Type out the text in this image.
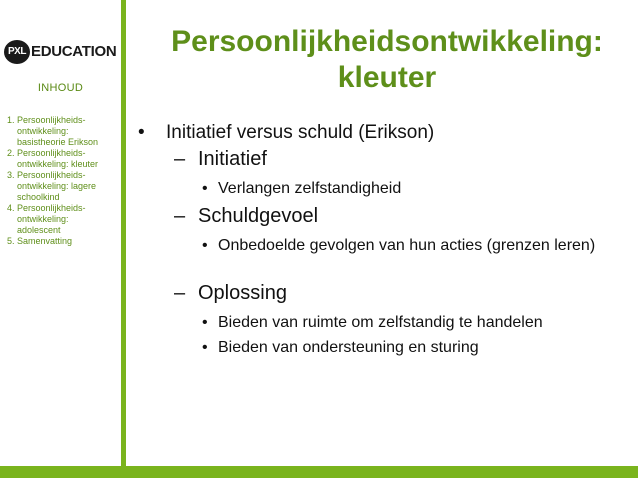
PXL EDUCATION
INHOUD
1. Persoonlijkheids-
ontwikkeling:
basistheorie Erikson
2. Persoonlijkheids-
ontwikkeling: kleuter
3. Persoonlijkheids-
ontwikkeling: lagere
schoolkind
4. Persoonlijkheids-
ontwikkeling:
adolescent
5. Samenvatting
Persoonlijkheidsontwikkeling:
kleuter
• Initiatief versus schuld (Erikson)
– Initiatief
• Verlangen zelfstandigheid
– Schuldgevoel
• Onbedoelde gevolgen van hun acties (grenzen leren)
– Oplossing
• Bieden van ruimte om zelfstandig te handelen
• Bieden van ondersteuning en sturing
